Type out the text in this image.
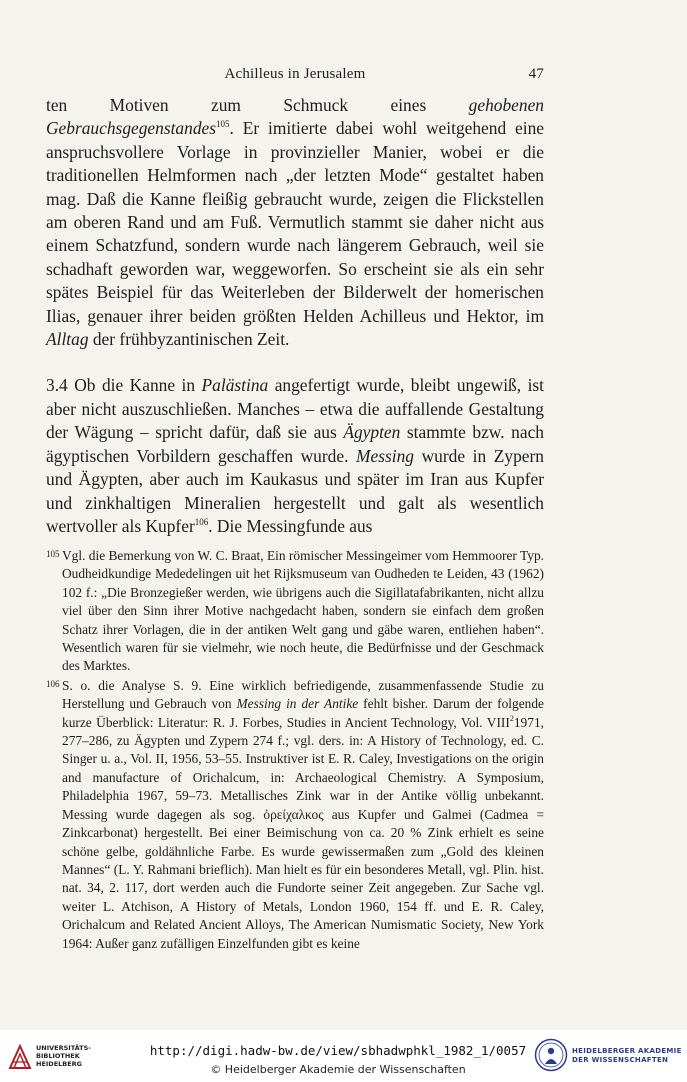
Achilleus in Jerusalem	47

ten Motiven zum Schmuck eines gehobenen Gebrauchsgegenstandes$^{105}$. Er imitierte dabei wohl weitgehend eine anspruchsvollere Vorlage in provinzieller Manier, wobei er die traditionellen Helmformen nach „der letzten Mode“ gestaltet haben mag. Daß die Kanne fleißig gebraucht wurde, zeigen die Flickstellen am oberen Rand und am Fuß. Vermutlich stammt sie daher nicht aus einem Schatzfund, sondern wurde nach längerem Gebrauch, weil sie schadhaft geworden war, weggeworfen. So erscheint sie als ein sehr spätes Beispiel für das Weiterleben der Bilderwelt der homerischen Ilias, genauer ihrer beiden größten Helden Achilleus und Hektor, im Alltag der frühbyzantinischen Zeit.

3.4 Ob die Kanne in Palästina angefertigt wurde, bleibt ungewiß, ist aber nicht auszuschließen. Manches – etwa die auffallende Gestaltung der Wägung – spricht dafür, daß sie aus Ägypten stammte bzw. nach ägyptischen Vorbildern geschaffen wurde. Messing wurde in Zypern und Ägypten, aber auch im Kaukasus und später im Iran aus Kupfer und zinkhaltigen Mineralien hergestellt und galt als wesentlich wertvoller als Kupfer$^{106}$. Die Messingfunde aus

105 Vgl. die Bemerkung von W. C. Braat, Ein römischer Messingeimer vom Hemmoorer Typ. Oudheidkundige Mededelingen uit het Rijksmuseum van Oudheden te Leiden, 43 (1962) 102 f.: „Die Bronzegießer werden, wie übrigens auch die Sigillatafabrikanten, nicht allzu viel über den Sinn ihrer Motive nachgedacht haben, sondern sie einfach dem großen Schatz ihrer Vorlagen, die in der antiken Welt gang und gäbe waren, entliehen haben“. Wesentlich waren für sie vielmehr, wie noch heute, die Bedürfnisse und der Geschmack des Marktes.

106 S. o. die Analyse S. 9. Eine wirklich befriedigende, zusammenfassende Studie zu Herstellung und Gebrauch von Messing in der Antike fehlt bisher. Darum der folgende kurze Überblick: Literatur: R. J. Forbes, Studies in Ancient Technology, Vol. VIII$^2$1971, 277–286, zu Ägypten und Zypern 274 f.; vgl. ders. in: A History of Technology, ed. C. Singer u. a., Vol. II, 1956, 53–55. Instruktiver ist E. R. Caley, Investigations on the origin and manufacture of Orichalcum, in: Archaeological Chemistry. A Symposium, Philadelphia 1967, 59–73. Metallisches Zink war in der Antike völlig unbekannt. Messing wurde dagegen als sog. ὀρείχαλκος aus Kupfer und Galmei (Cadmea = Zinkcarbonat) hergestellt. Bei einer Beimischung von ca. 20 % Zink erhielt es seine schöne gelbe, goldähnliche Farbe. Es wurde gewissermaßen zum „Gold des kleinen Mannes“ (L. Y. Rahmani brieflich). Man hielt es für ein besonderes Metall, vgl. Plin. hist. nat. 34, 2. 117, dort werden auch die Fundorte seiner Zeit angegeben. Zur Sache vgl. weiter L. Atchison, A History of Metals, London 1960, 154 ff. und E. R. Caley, Orichalcum and Related Ancient Alloys, The American Numismatic Society, New York 1964: Außer ganz zufälligen Einzelfunden gibt es keine

UNIVERSITÄTS-
BIBLIOTHEK
HEIDELBERG
http://digi.hadw-bw.de/view/sbhadwphkl_1982_1/0057
© Heidelberger Akademie der Wissenschaften
HEIDELBERGER AKADEMIE
DER WISSENSCHAFTEN
